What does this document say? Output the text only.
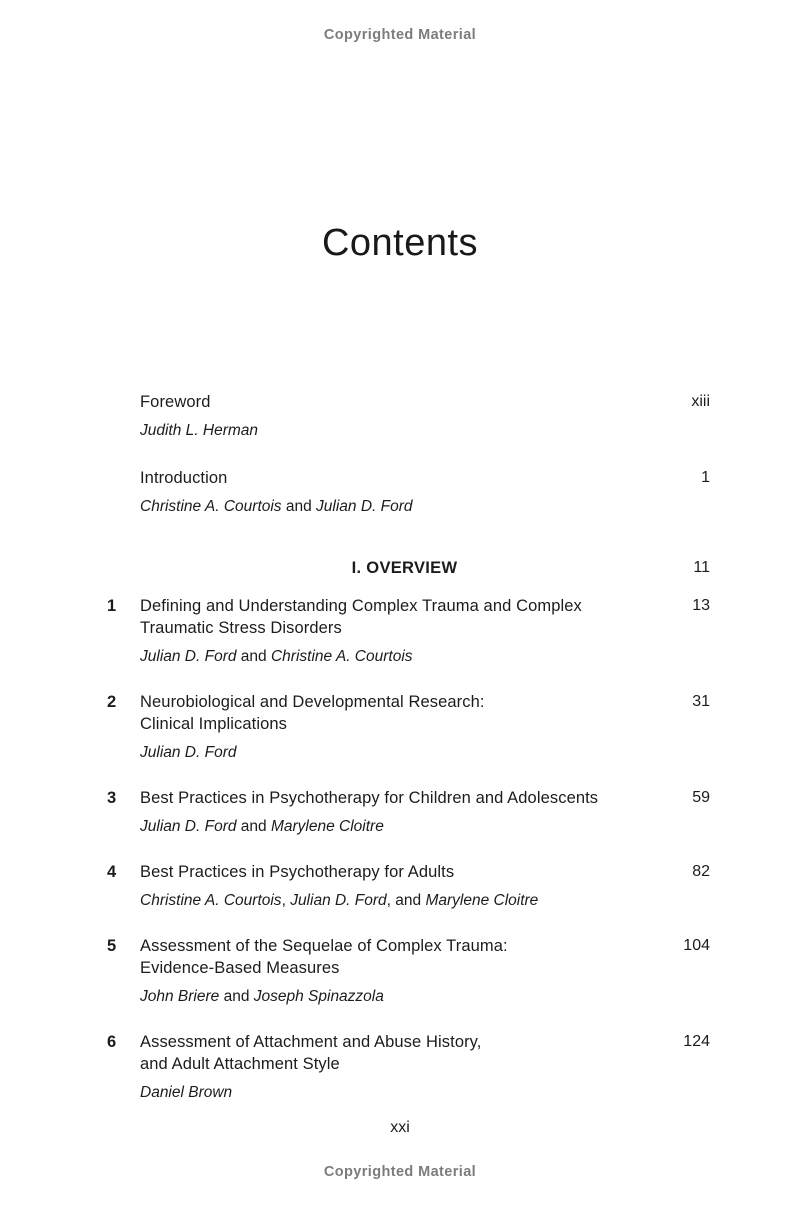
Copyrighted Material
Contents
Foreword	xiii
Judith L. Herman
Introduction	1
Christine A. Courtois and Julian D. Ford
I. OVERVIEW	11
1	Defining and Understanding Complex Trauma and Complex	13
Traumatic Stress Disorders
Julian D. Ford and Christine A. Courtois
2	Neurobiological and Developmental Research:	31
Clinical Implications
Julian D. Ford
3	Best Practices in Psychotherapy for Children and Adolescents	59
Julian D. Ford and Marylene Cloitre
4	Best Practices in Psychotherapy for Adults	82
Christine A. Courtois, Julian D. Ford, and Marylene Cloitre
5	Assessment of the Sequelae of Complex Trauma:	104
Evidence-Based Measures
John Briere and Joseph Spinazzola
6	Assessment of Attachment and Abuse History,	124
and Adult Attachment Style
Daniel Brown
xxi
Copyrighted Material
